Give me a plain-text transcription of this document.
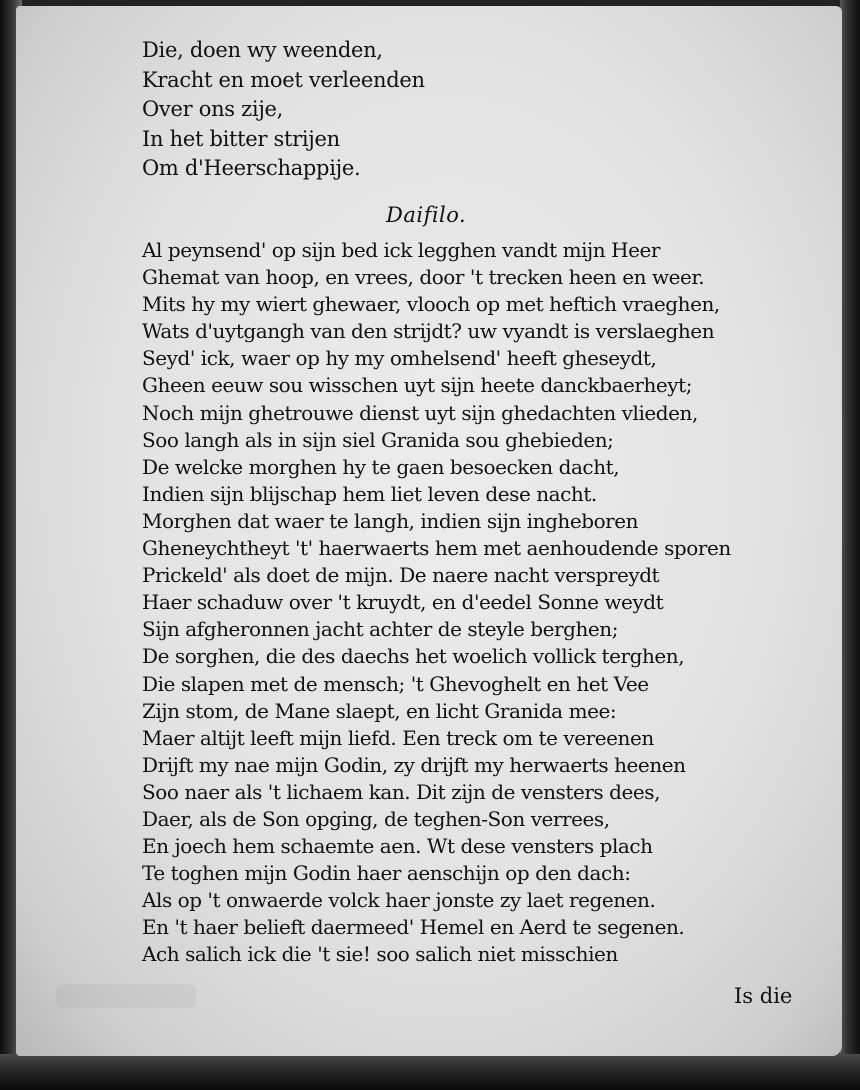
Die, doen wy weenden,
Kracht en moet verleenden
Over ons zije,
In het bitter strijen
Om d'Heerschappije.
Daifilo.
Al peynsend' op sijn bed ick legghen vandt mijn Heer
Ghemat van hoop, en vrees, door 't trecken heen en weer.
Mits hy my wiert ghewaer, vlooch op met heftich vraeghen,
Wats d'uytgangh van den strijdt? uw vyandt is verslaeghen
Seyd' ick, waer op hy my omhelsend' heeft gheseydt,
Gheen eeuw sou wisschen uyt sijn heete danckbaerheyt;
Noch mijn ghetrouwe dienst uyt sijn ghedachten vlieden,
Soo langh als in sijn siel Granida sou ghebieden;
De welcke morghen hy te gaen besoecken dacht,
Indien sijn blijschap hem liet leven dese nacht.
Morghen dat waer te langh, indien sijn ingheboren
Gheneychtheyt 't' haerwaerts hem met aenhoudende sporen
Prickeld' als doet de mijn. De naere nacht verspreydt
Haer schaduw over 't kruydt, en d'eedel Sonne weydt
Sijn afgheronnen jacht achter de steyle berghen;
De sorghen, die des daechs het woelich vollick terghen,
Die slapen met de mensch; 't Ghevoghelt en het Vee
Zijn stom, de Mane slaept, en licht Granida mee:
Maer altijt leeft mijn liefd. Een treck om te vereenen
Drijft my nae mijn Godin, zy drijft my herwaerts heenen
Soo naer als 't lichaem kan. Dit zijn de vensters dees,
Daer, als de Son opging, de teghen-Son verrees,
En joech hem schaemte aen. Wt dese vensters plach
Te toghen mijn Godin haer aenschijn op den dach:
Als op 't onwaerde volck haer jonste zy laet regenen.
En 't haer belieft daermeed' Hemel en Aerd te segenen.
Ach salich ick die 't sie! soo salich niet misschien
Is die
